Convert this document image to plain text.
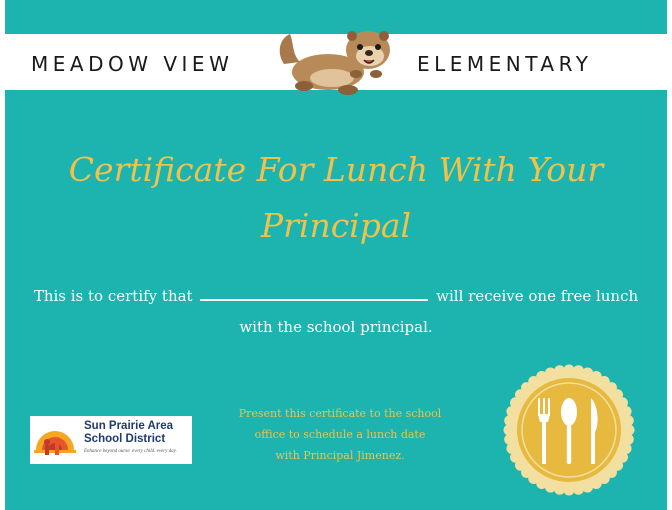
MEADOW VIEW	ELEMENTARY
Certificate For Lunch With Your
Principal
This is to certify that	will receive one free lunch
with the school principal.
Sun Prairie Area
School District
Enhance beyond ourse. every child. every day.
Present this certificate to the school
office to schedule a lunch date
with Principal Jimenez.
